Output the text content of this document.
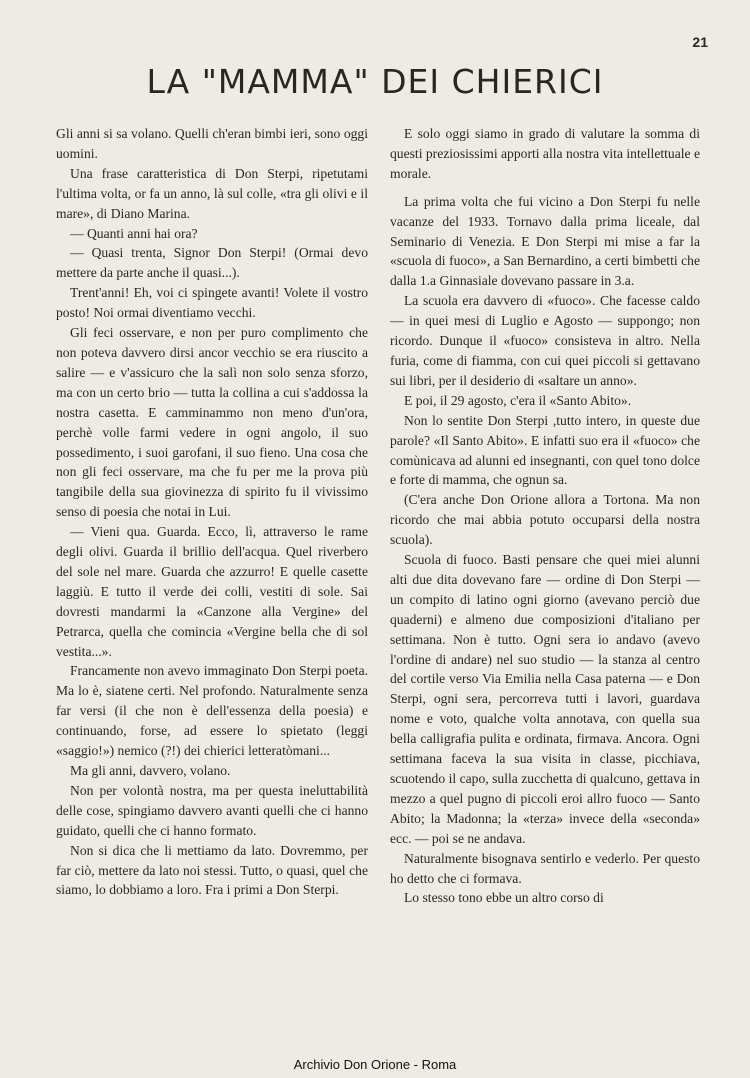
21
LA "MAMMA" DEI CHIERICI

Gli anni si sa volano. Quelli ch'eran bimbi ieri, sono oggi uomini.

Una frase caratteristica di Don Sterpi, ripetutami l'ultima volta, or fa un anno, là sul colle, «tra gli olivi e il mare», di Diano Marina.

— Quanti anni hai ora?

— Quasi trenta, Signor Don Sterpi! (Ormai devo mettere da parte anche il quasi...).

Trent'anni! Eh, voi ci spingete avanti! Volete il vostro posto! Noi ormai diventiamo vecchi.

Gli feci osservare, e non per puro complimento che non poteva davvero dirsi ancor vecchio se era riuscito a salire — e v'assicuro che la salì non solo senza sforzo, ma con un certo brio — tutta la collina a cui s'addossa la nostra casetta. E camminammo non meno d'un'ora, perchè volle farmi vedere in ogni angolo, il suo possedimento, i suoi garofani, il suo fieno. Una cosa che non gli feci osservare, ma che fu per me la prova più tangibile della sua giovinezza di spirito fu il vivissimo senso di poesia che notai in Lui.

— Vieni qua. Guarda. Ecco, lì, attraverso le rame degli olivi. Guarda il brillio dell'acqua. Quel riverbero del sole nel mare. Guarda che azzurro! E quelle casette laggiù. E tutto il verde dei colli, vestiti di sole. Sai dovresti mandarmi la «Canzone alla Vergine» del Petrarca, quella che comincia «Vergine bella che di sol vestita...».

Francamente non avevo immaginato Don Sterpi poeta. Ma lo è, siatene certi. Nel profondo. Naturalmente senza far versi (il che non è dell'essenza della poesia) e continuando, forse, ad essere lo spietato (leggi «saggio!») nemico (?!) dei chierici letteratòmani...

Ma gli anni, davvero, volano.

Non per volontà nostra, ma per questa ineluttabilità delle cose, spingiamo davvero avanti quelli che ci hanno guidato, quelli che ci hanno formato.

Non si dica che li mettiamo da lato. Dovremmo, per far ciò, mettere da lato noi stessi. Tutto, o quasi, quel che siamo, lo dobbiamo a loro. Fra i primi a Don Sterpi.

E solo oggi siamo in grado di valutare la somma di questi preziosissimi apporti alla nostra vita intellettuale e morale.

La prima volta che fui vicino a Don Sterpi fu nelle vacanze del 1933. Tornavo dalla prima liceale, dal Seminario di Venezia. E Don Sterpi mi mise a far la «scuola di fuoco», a San Bernardino, a certi bimbetti che dalla 1.a Ginnasiale dovevano passare in 3.a.

La scuola era davvero di «fuoco». Che facesse caldo — in quei mesi di Luglio e Agosto — suppongo; non ricordo. Dunque il «fuoco» consisteva in altro. Nella furia, come di fiamma, con cui quei piccoli si gettavano sui libri, per il desiderio di «saltare un anno».

E poi, il 29 agosto, c'era il «Santo Abito».

Non lo sentite Don Sterpi ,tutto intero, in queste due parole? «Il Santo Abito». E infatti suo era il «fuoco» che comùnicava ad alunni ed insegnanti, con quel tono dolce e forte di mamma, che ognun sa.

(C'era anche Don Orione allora a Tortona. Ma non ricordo che mai abbia potuto occuparsi della nostra scuola).

Scuola di fuoco. Basti pensare che quei miei alunni alti due dita dovevano fare — ordine di Don Sterpi — un compito di latino ogni giorno (avevano perciò due quaderni) e almeno due composizioni d'italiano per settimana. Non è tutto. Ogni sera io andavo (avevo l'ordine di andare) nel suo studio — la stanza al centro del cortile verso Via Emilia nella Casa paterna — e Don Sterpi, ogni sera, percorreva tutti i lavori, guardava nome e voto, qualche volta annotava, con quella sua bella calligrafia pulita e ordinata, firmava. Ancora. Ogni settimana faceva la sua visita in classe, picchiava, scuotendo il capo, sulla zucchetta di qualcuno, gettava in mezzo a quel pugno di piccoli eroi allro fuoco — Santo Abito; la Madonna; la «terza» invece della «seconda» ecc. — poi se ne andava.

Naturalmente bisognava sentirlo e vederlo. Per questo ho detto che ci formava.

Lo stesso tono ebbe un altro corso di

Archivio Don Orione - Roma
